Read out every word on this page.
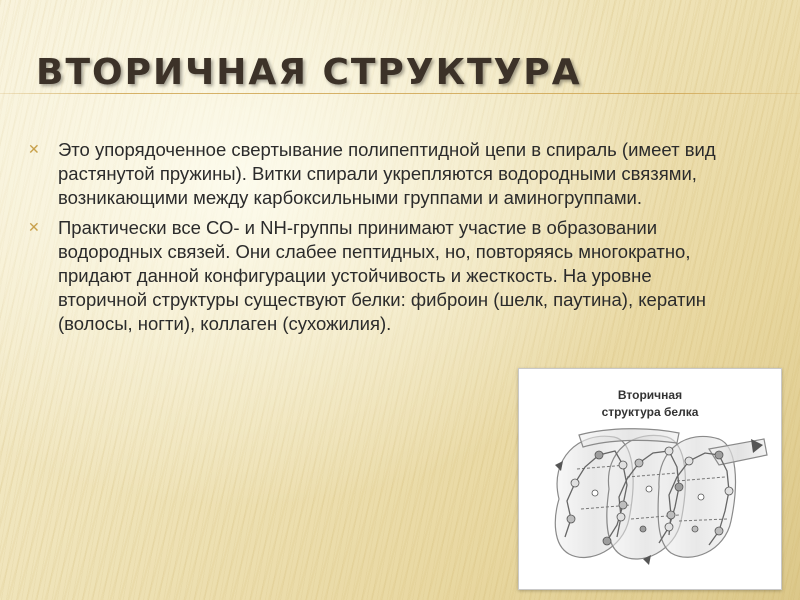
ВТОРИЧНАЯ СТРУКТУРА
✕ Это упорядоченное свертывание полипептидной цепи в спираль (имеет вид растянутой пружины). Витки спирали укрепляются водородными связями, возникающими между карбоксильными группами и аминогруппами.
✕ Практически все СО- и NH-группы принимают участие в образовании водородных связей. Они слабее пептидных, но, повторяясь многократно, придают данной конфигурации устойчивость и жесткость. На уровне вторичной структуры существуют белки: фиброин (шелк, паутина), кератин (волосы, ногти), коллаген (сухожилия).
Вторичная
структура белка
